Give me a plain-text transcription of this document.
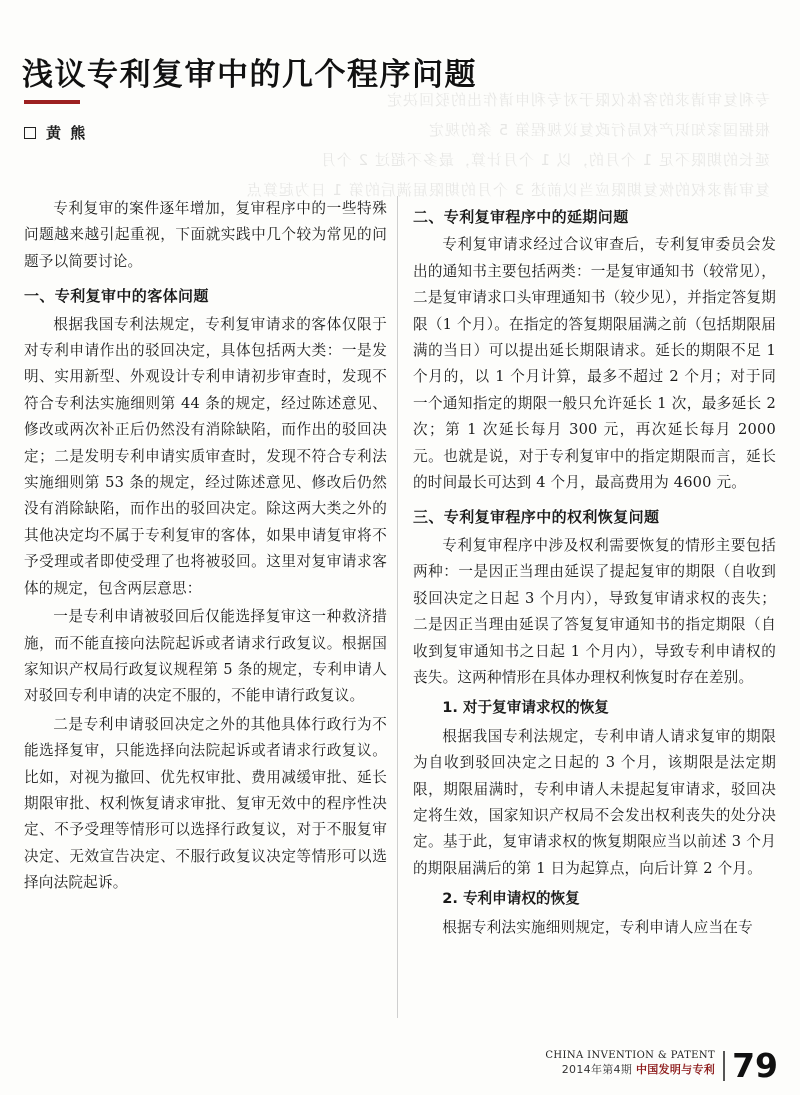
专利复审请求的客体仅限于对专利申请作出的驳回决定
根据国家知识产权局行政复议规程第 5 条的规定
延长的期限不足 1 个月的，以 1 个月计算，最多不超过 2 个月
复审请求权的恢复期限应当以前述 3 个月的期限届满后的第 1 日为起算点
浅议专利复审中的几个程序问题
黄 熊

专利复审的案件逐年增加，复审程序中的一些特殊问题越来越引起重视，下面就实践中几个较为常见的问题予以简要讨论。

一、专利复审中的客体问题

根据我国专利法规定，专利复审请求的客体仅限于对专利申请作出的驳回决定，具体包括两大类：一是发明、实用新型、外观设计专利申请初步审查时，发现不符合专利法实施细则第 44 条的规定，经过陈述意见、修改或两次补正后仍然没有消除缺陷，而作出的驳回决定；二是发明专利申请实质审查时，发现不符合专利法实施细则第 53 条的规定，经过陈述意见、修改后仍然没有消除缺陷，而作出的驳回决定。除这两大类之外的其他决定均不属于专利复审的客体，如果申请复审将不予受理或者即使受理了也将被驳回。这里对复审请求客体的规定，包含两层意思：

一是专利申请被驳回后仅能选择复审这一种救济措施，而不能直接向法院起诉或者请求行政复议。根据国家知识产权局行政复议规程第 5 条的规定，专利申请人对驳回专利申请的决定不服的，不能申请行政复议。

二是专利申请驳回决定之外的其他具体行政行为不能选择复审，只能选择向法院起诉或者请求行政复议。比如，对视为撤回、优先权审批、费用减缓审批、延长期限审批、权利恢复请求审批、复审无效中的程序性决定、不予受理等情形可以选择行政复议，对于不服复审决定、无效宣告决定、不服行政复议决定等情形可以选择向法院起诉。

二、专利复审程序中的延期问题

专利复审请求经过合议审查后，专利复审委员会发出的通知书主要包括两类：一是复审通知书（较常见），二是复审请求口头审理通知书（较少见），并指定答复期限（1 个月）。在指定的答复期限届满之前（包括期限届满的当日）可以提出延长期限请求。延长的期限不足 1 个月的，以 1 个月计算，最多不超过 2 个月；对于同一个通知指定的期限一般只允许延长 1 次，最多延长 2 次；第 1 次延长每月 300 元，再次延长每月 2000 元。也就是说，对于专利复审中的指定期限而言，延长的时间最长可达到 4 个月，最高费用为 4600 元。

三、专利复审程序中的权利恢复问题

专利复审程序中涉及权利需要恢复的情形主要包括两种：一是因正当理由延误了提起复审的期限（自收到驳回决定之日起 3 个月内），导致复审请求权的丧失；二是因正当理由延误了答复复审通知书的指定期限（自收到复审通知书之日起 1 个月内），导致专利申请权的丧失。这两种情形在具体办理权利恢复时存在差别。

1. 对于复审请求权的恢复

根据我国专利法规定，专利申请人请求复审的期限为自收到驳回决定之日起的 3 个月，该期限是法定期限，期限届满时，专利申请人未提起复审请求，驳回决定将生效，国家知识产权局不会发出权利丧失的处分决定。基于此，复审请求权的恢复期限应当以前述 3 个月的期限届满后的第 1 日为起算点，向后计算 2 个月。

2. 专利申请权的恢复

根据专利法实施细则规定，专利申请人应当在专

CHINA INVENTION & PATENT
2014年第4期 中国发明与专利 79
